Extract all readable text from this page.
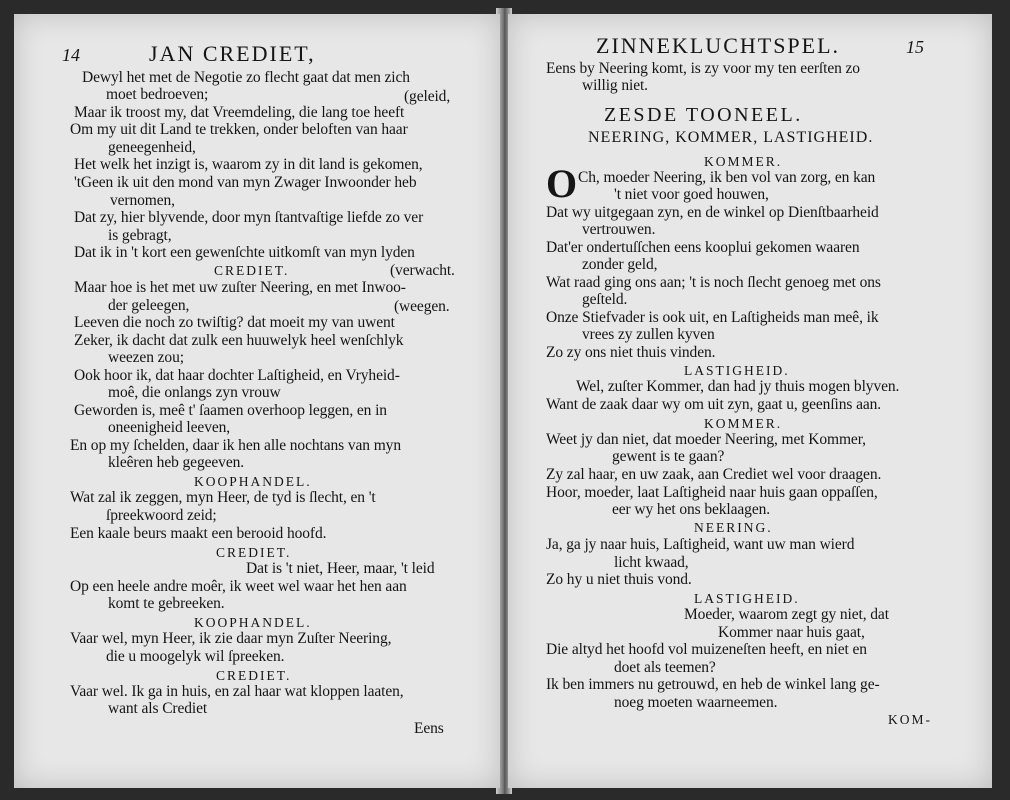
14	JAN CREDIET,
Dewyl het met de Negotie zo flecht gaat dat men zich
moet bedroeven;	(geleid,
Maar ik troost my, dat Vreemdeling, die lang toe heeft
Om my uit dit Land te trekken, onder beloften van haar
geneegenheid,
Het welk het inzigt is, waarom zy in dit land is gekomen,
'tGeen ik uit den mond van myn Zwager Inwoonder heb
vernomen,
Dat zy, hier blyvende, door myn ſtantvaſtige liefde zo ver
is gebragt,
Dat ik in 't kort een gewenſchte uitkomſt van myn lyden
CREDIET.	(verwacht.
Maar hoe is het met uw zuſter Neering, en met Inwoo-
der geleegen,	(weegen.
Leeven die noch zo twiſtig? dat moeit my van uwent
Zeker, ik dacht dat zulk een huuwelyk heel wenſchlyk
weezen zou;
Ook hoor ik, dat haar dochter Laſtigheid, en Vryheid-
moê, die onlangs zyn vrouw
Geworden is, meê t' ſaamen overhoop leggen, en in
oneenigheid leeven,
En op my ſchelden, daar ik hen alle nochtans van myn
kleêren heb gegeeven.
KOOPHANDEL.
Wat zal ik zeggen, myn Heer, de tyd is ſlecht, en 't
ſpreekwoord zeid;
Een kaale beurs maakt een berooid hoofd.
CREDIET.
Dat is 't niet, Heer, maar, 't leid
Op een heele andre moêr, ik weet wel waar het hen aan
komt te gebreeken.
KOOPHANDEL.
Vaar wel, myn Heer, ik zie daar myn Zuſter Neering,
die u moogelyk wil ſpreeken.
CREDIET.
Vaar wel. Ik ga in huis, en zal haar wat kloppen laaten,
want als Crediet
Eens
ZINNEKLUCHTSPEL.	15
Eens by Neering komt, is zy voor my ten eerſten zo
willig niet.
ZESDE TOONEEL.
NEERING, KOMMER, LASTIGHEID.
KOMMER.
O Ch, moeder Neering, ik ben vol van zorg, en kan
't niet voor goed houwen,
Dat wy uitgegaan zyn, en de winkel op Dienſtbaarheid
vertrouwen.
Dat'er ondertuſſchen eens kooplui gekomen waaren
zonder geld,
Wat raad ging ons aan; 't is noch ſlecht genoeg met ons
geſteld.
Onze Stiefvader is ook uit, en Laſtigheids man meê, ik
vrees zy zullen kyven
Zo zy ons niet thuis vinden.
LASTIGHEID.
Wel, zuſter Kommer, dan had jy thuis mogen blyven.
Want de zaak daar wy om uit zyn, gaat u, geenſins aan.
KOMMER.
Weet jy dan niet, dat moeder Neering, met Kommer,
gewent is te gaan?
Zy zal haar, en uw zaak, aan Crediet wel voor draagen.
Hoor, moeder, laat Laſtigheid naar huis gaan oppaſſen,
eer wy het ons beklaagen.
NEERING.
Ja, ga jy naar huis, Laſtigheid, want uw man wierd
licht kwaad,
Zo hy u niet thuis vond.
LASTIGHEID.
Moeder, waarom zegt gy niet, dat
Kommer naar huis gaat,
Die altyd het hoofd vol muizeneſten heeft, en niet en
doet als teemen?
Ik ben immers nu getrouwd, en heb de winkel lang ge-
noeg moeten waarneemen.
KOM-
